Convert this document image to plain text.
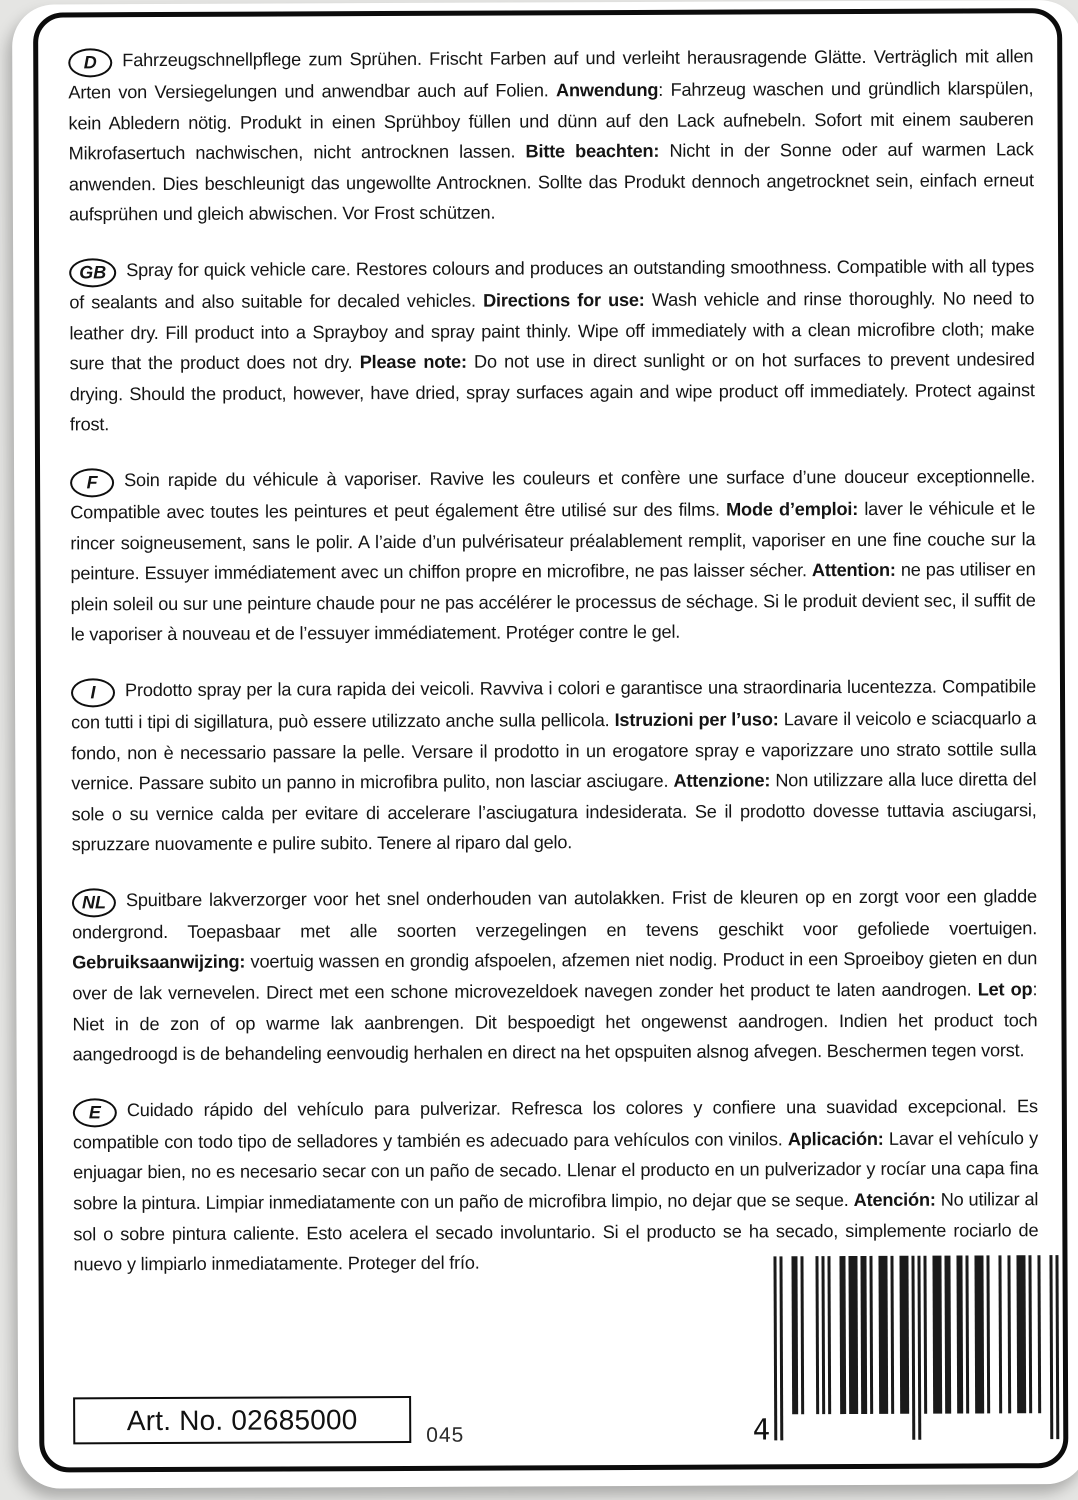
D Fahrzeugschnellpflege zum Sprühen. Frischt Farben auf und verleiht herausragende Glätte. Verträglich mit allen Arten von Versiegelungen und anwendbar auch auf Folien. Anwendung: Fahrzeug waschen und gründlich klarspülen, kein Abledern nötig. Produkt in einen Sprühboy füllen und dünn auf den Lack aufnebeln. Sofort mit einem sauberen Mikrofasertuch nachwischen, nicht antrocknen lassen. Bitte beachten: Nicht in der Sonne oder auf warmen Lack anwenden. Dies beschleunigt das ungewollte Antrocknen. Sollte das Produkt dennoch angetrocknet sein, einfach erneut aufsprühen und gleich abwischen. Vor Frost schützen.

GB Spray for quick vehicle care. Restores colours and produces an outstanding smoothness. Compatible with all types of sealants and also suitable for decaled vehicles. Directions for use: Wash vehicle and rinse thoroughly. No need to leather dry. Fill product into a Sprayboy and spray paint thinly. Wipe off immediately with a clean microfibre cloth; make sure that the product does not dry. Please note: Do not use in direct sunlight or on hot surfaces to prevent undesired drying. Should the product, however, have dried, spray surfaces again and wipe product off immediately. Protect against frost.

F Soin rapide du véhicule à vaporiser. Ravive les couleurs et confère une surface d’une douceur exceptionnelle. Compatible avec toutes les peintures et peut également être utilisé sur des films. Mode d’emploi: laver le véhicule et le rincer soigneusement, sans le polir. A l’aide d’un pulvérisateur préalablement remplit, vaporiser en une fine couche sur la peinture. Essuyer immédiatement avec un chiffon propre en microfibre, ne pas laisser sécher. Attention: ne pas utiliser en plein soleil ou sur une peinture chaude pour ne pas accélérer le processus de séchage. Si le produit devient sec, il suffit de le vaporiser à nouveau et de l’essuyer immédiatement. Protéger contre le gel.

I Prodotto spray per la cura rapida dei veicoli. Ravviva i colori e garantisce una straordinaria lucentezza. Compatibile con tutti i tipi di sigillatura, può essere utilizzato anche sulla pellicola. Istruzioni per l’uso: Lavare il veicolo e sciacquarlo a fondo, non è necessario passare la pelle. Versare il prodotto in un erogatore spray e vaporizzare uno strato sottile sulla vernice. Passare subito un panno in microfibra pulito, non lasciar asciugare. Attenzione: Non utilizzare alla luce diretta del sole o su vernice calda per evitare di accelerare l’asciugatura indesiderata. Se il prodotto dovesse tuttavia asciugarsi, spruzzare nuovamente e pulire subito. Tenere al riparo dal gelo.

NL Spuitbare lakverzorger voor het snel onderhouden van autolakken. Frist de kleuren op en zorgt voor een gladde ondergrond. Toepasbaar met alle soorten verzegelingen en tevens geschikt voor gefoliede voertuigen. Gebruiksaanwijzing: voertuig wassen en grondig afspoelen, afzemen niet nodig. Product in een Sproeiboy gieten en dun over de lak vernevelen. Direct met een schone microvezeldoek navegen zonder het product te laten aandrogen. Let op: Niet in de zon of op warme lak aanbrengen. Dit bespoedigt het ongewenst aandrogen. Indien het product toch aangedroogd is de behandeling eenvoudig herhalen en direct na het opspuiten alsnog afvegen. Beschermen tegen vorst.

E Cuidado rápido del vehículo para pulverizar. Refresca los colores y confiere una suavidad excepcional. Es compatible con todo tipo de selladores y también es adecuado para vehículos con vinilos. Aplicación: Lavar el vehículo y enjuagar bien, no es necesario secar con un paño de secado. Llenar el producto en un pulverizador y rocíar una capa fina sobre la pintura. Limpiar inmediatamente con un paño de microfibra limpio, no dejar que se seque. Atención: No utilizar al sol o sobre pintura caliente. Esto acelera el secado involuntario. Si el producto se ha secado, simplemente rociarlo de nuevo y limpiarlo inmediatamente. Proteger del frío.

Art. No. 02685000	045	4
